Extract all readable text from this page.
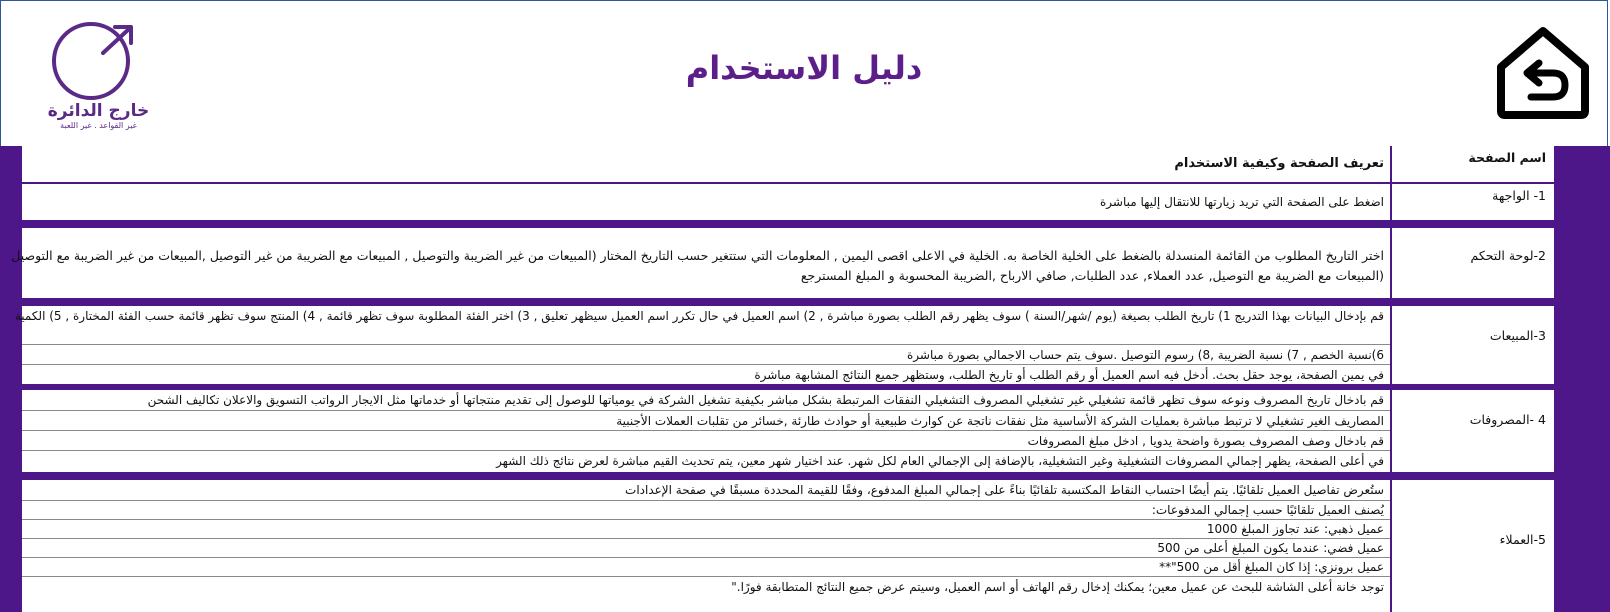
خارج الدائرة
غير القواعد . غير اللعبة
دليل الاستخدام
تعريف الصفحة وكيفية الاستخدام	اسم الصفحة
اضغط على الصفحة التي تريد زيارتها للانتقال إليها مباشرة	1- الواجهة
اختر التاريخ المطلوب من القائمة المنسدلة بالضغط على الخلية الخاصة به. الخلية في الاعلى اقصى اليمين , المعلومات التي ستتغير حسب التاريخ المختار (المبيعات من غير الضريبة والتوصيل , المبيعات مع الضريبة من غير التوصيل ,المبيعات من غير الضريبة مع التوصيل
(المبيعات مع الضريبة مع التوصيل, عدد العملاء, عدد الطلبات, صافي الارباح ,الضريبة المحسوبة و المبلغ المسترجع
2-لوحة التحكم
قم بإدخال البيانات بهذا التدريج 1) تاريخ الطلب بصيغة (يوم /شهر/السنة ) سوف يظهر رقم الطلب بصورة مباشرة , 2) اسم العميل في حال تكرر اسم العميل سيظهر تعليق , 3) اختر الفئة المطلوبة سوف تظهر قائمة , 4) المنتج سوف تظهر قائمة حسب الفئة المختارة , 5) الكمية
6)نسبة الخصم , 7) نسبة الضريبة ,8) رسوم التوصيل .سوف يتم حساب الاجمالي بصورة مباشرة
في يمين الصفحة، يوجد حقل بحث. أدخل فيه اسم العميل أو رقم الطلب أو تاريخ الطلب، وستظهر جميع النتائج المشابهة مباشرة
3-المبيعات
قم بادخال تاريخ المصروف ونوعه سوف تظهر قائمة تشغيلي غير تشغيلي المصروف التشغيلي النفقات المرتبطة بشكل مباشر بكيفية تشغيل الشركة في يومياتها للوصول إلى تقديم منتجاتها أو خدماتها مثل الايجار الرواتب التسويق والاعلان تكاليف الشحن
المصاريف الغير تشغيلي لا ترتبط مباشرة بعمليات الشركة الأساسية مثل نفقات ناتجة عن كوارث طبيعية أو حوادث طارئة ,خسائر من تقلبات العملات الأجنبية
قم بادخال وصف المصروف بصورة واضحة يدويا , ادخل مبلغ المصروفات
في أعلى الصفحة، يظهر إجمالي المصروفات التشغيلية وغير التشغيلية، بالإضافة إلى الإجمالي العام لكل شهر. عند اختيار شهر معين، يتم تحديث القيم مباشرة لعرض نتائج ذلك الشهر
4 -المصروفات
ستُعرض تفاصيل العميل تلقائيًا. يتم أيضًا احتساب النقاط المكتسبة تلقائيًا بناءً على إجمالي المبلغ المدفوع، وفقًا للقيمة المحددة مسبقًا في صفحة الإعدادات
يُصنف العميل تلقائيًا حسب إجمالي المدفوعات:
عميل ذهبي: عند تجاوز المبلغ 1000
عميل فضي: عندما يكون المبلغ أعلى من 500
عميل برونزي: إذا كان المبلغ أقل من 500"**
توجد خانة أعلى الشاشة للبحث عن عميل معين؛ يمكنك إدخال رقم الهاتف أو اسم العميل، وسيتم عرض جميع النتائج المتطابقة فورًا."
5-العملاء
